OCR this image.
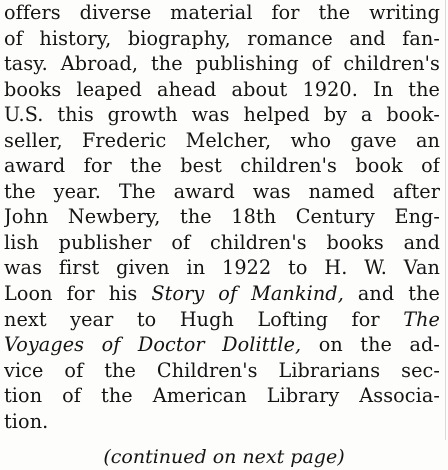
offers diverse material for the writing
of history, biography, romance and fan-
tasy. Abroad, the publishing of children's
books leaped ahead about 1920. In the
U.S. this growth was helped by a book-
seller, Frederic Melcher, who gave an
award for the best children's book of
the year. The award was named after
John Newbery, the 18th Century Eng-
lish publisher of children's books and
was first given in 1922 to H. W. Van
Loon for his Story of Mankind, and the
next year to Hugh Lofting for The
Voyages of Doctor Dolittle, on the ad-
vice of the Children's Librarians sec-
tion of the American Library Associa-
tion.
(continued on next page)
